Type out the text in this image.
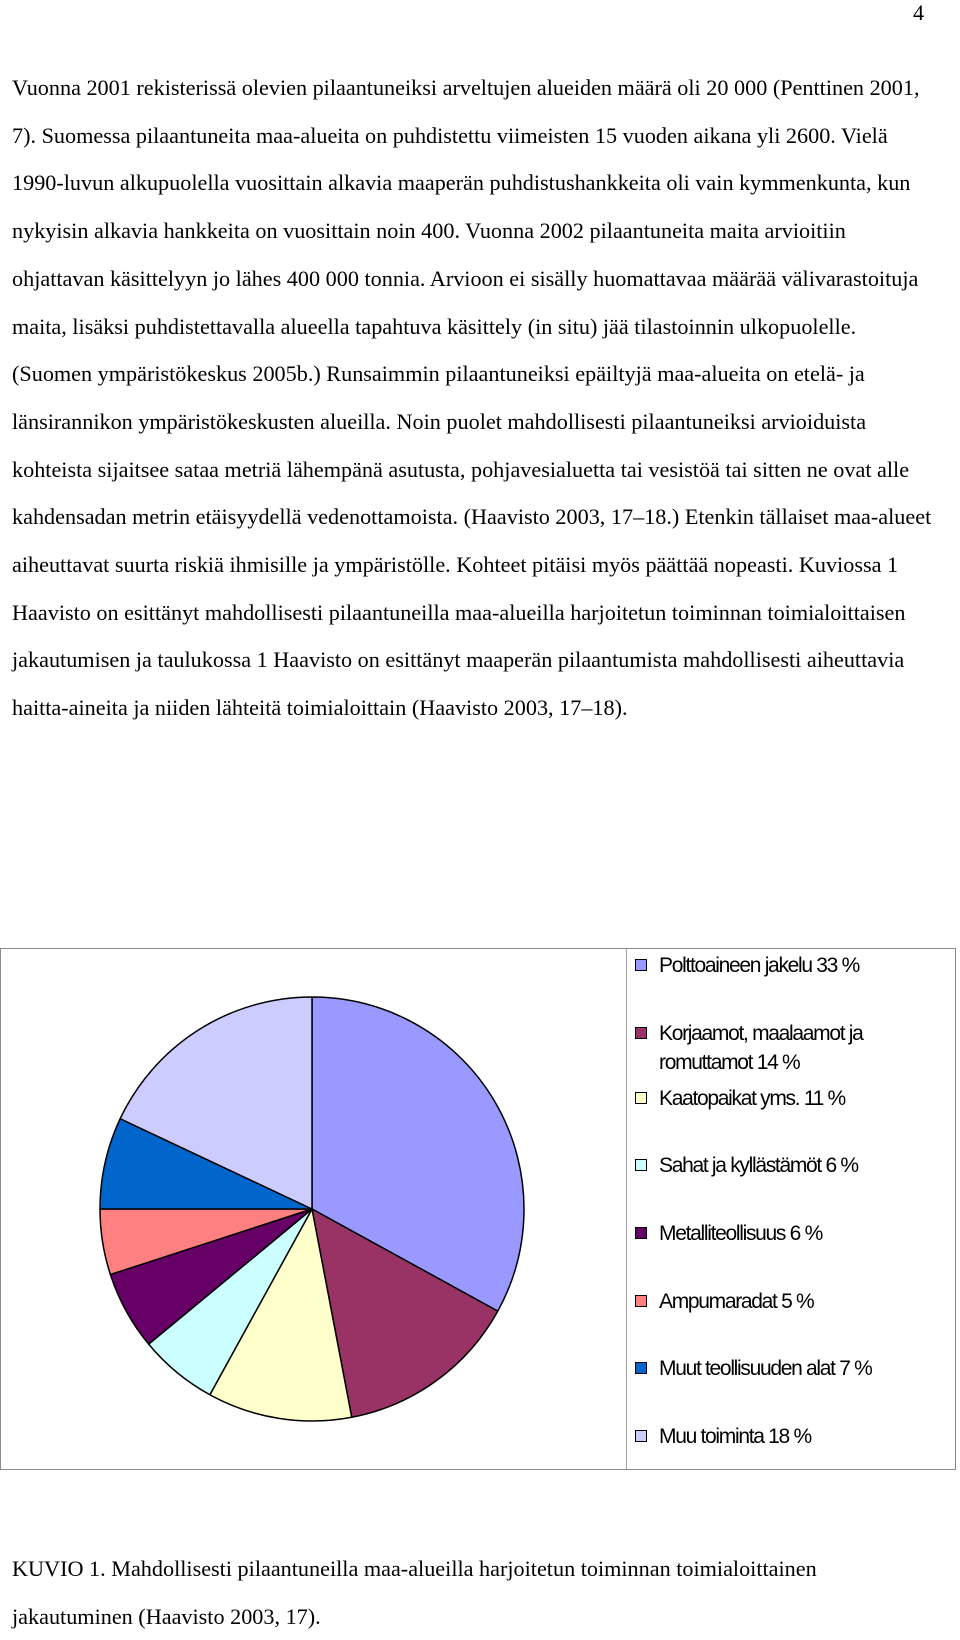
4

Vuonna 2001 rekisterissä olevien pilaantuneiksi arveltujen alueiden määrä oli 20 000 (Penttinen 2001, 7). Suomessa pilaantuneita maa-alueita on puhdistettu viimeisten 15 vuoden aikana yli 2600. Vielä 1990-luvun alkupuolella vuosittain alkavia maaperän puhdistushankkeita oli vain kymmenkunta, kun nykyisin alkavia hankkeita on vuosittain noin 400. Vuonna 2002 pilaantuneita maita arvioitiin ohjattavan käsittelyyn jo lähes 400 000 tonnia. Arvioon ei sisälly huomattavaa määrää välivarastoituja maita, lisäksi puhdistettavalla alueella tapahtuva käsittely (in situ) jää tilastoinnin ulkopuolelle. (Suomen ympäristökeskus 2005b.) Runsaimmin pilaantuneiksi epäiltyjä maa-alueita on etelä- ja länsirannikon ympäristökeskusten alueilla. Noin puolet mahdollisesti pilaantuneiksi arvioiduista kohteista sijaitsee sataa metriä lähempänä asutusta, pohjavesialuetta tai vesistöä tai sitten ne ovat alle kahdensadan metrin etäisyydellä vedenottamoista. (Haavisto 2003, 17–18.) Etenkin tällaiset maa-alueet aiheuttavat suurta riskiä ihmisille ja ympäristölle. Kohteet pitäisi myös päättää nopeasti. Kuviossa 1 Haavisto on esittänyt mahdollisesti pilaantuneilla maa-alueilla harjoitetun toiminnan toimialoittaisen jakautumisen ja taulukossa 1 Haavisto on esittänyt maaperän pilaantumista mahdollisesti aiheuttavia haitta-aineita ja niiden lähteitä toimialoittain (Haavisto 2003, 17–18).

Polttoaineen jakelu 33 %
Korjaamot, maalaamot ja
romuttamot 14 %
Kaatopaikat yms. 11 %
Sahat ja kyllästämöt 6 %
Metalliteollisuus 6 %
Ampumaradat 5 %
Muut teollisuuden alat 7 %
Muu toiminta 18 %

KUVIO 1. Mahdollisesti pilaantuneilla maa-alueilla harjoitetun toiminnan toimialoittainen jakautuminen (Haavisto 2003, 17).
